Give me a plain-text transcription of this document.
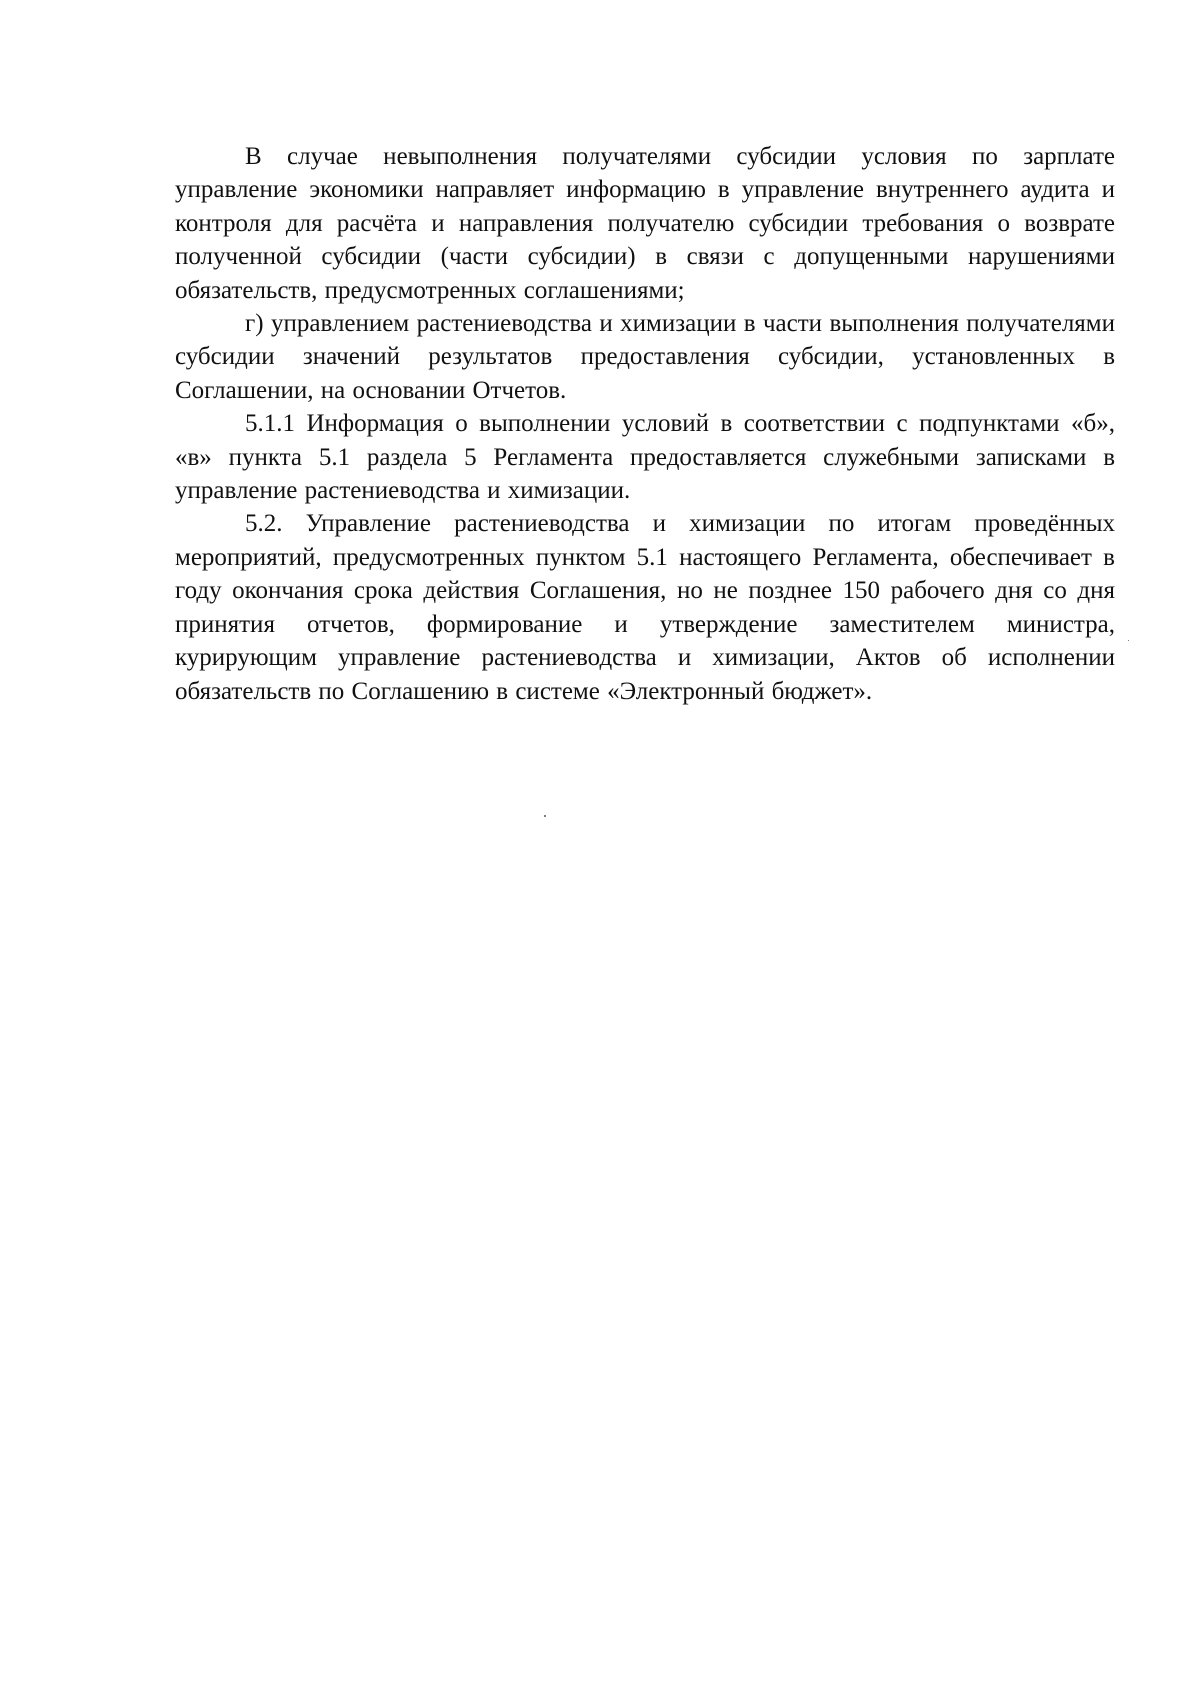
В случае невыполнения получателями субсидии условия по зарплате управление экономики направляет информацию в управление внутреннего аудита и контроля для расчёта и направления получателю субсидии требования о возврате полученной субсидии (части субсидии) в связи с допущенными нарушениями обязательств, предусмотренных соглашениями;

г) управлением растениеводства и химизации в части выполнения получателями субсидии значений результатов предоставления субсидии, установленных в Соглашении, на основании Отчетов.

5.1.1 Информация о выполнении условий в соответствии с подпунктами «б», «в» пункта 5.1 раздела 5 Регламента предоставляется служебными записками в управление растениеводства и химизации.

5.2. Управление растениеводства и химизации по итогам проведённых мероприятий, предусмотренных пунктом 5.1 настоящего Регламента, обеспечивает в году окончания срока действия Соглашения, но не позднее 150 рабочего дня со дня принятия отчетов, формирование и утверждение заместителем министра, курирующим управление растениеводства и химизации, Актов об исполнении обязательств по Соглашению в системе «Электронный бюджет».
